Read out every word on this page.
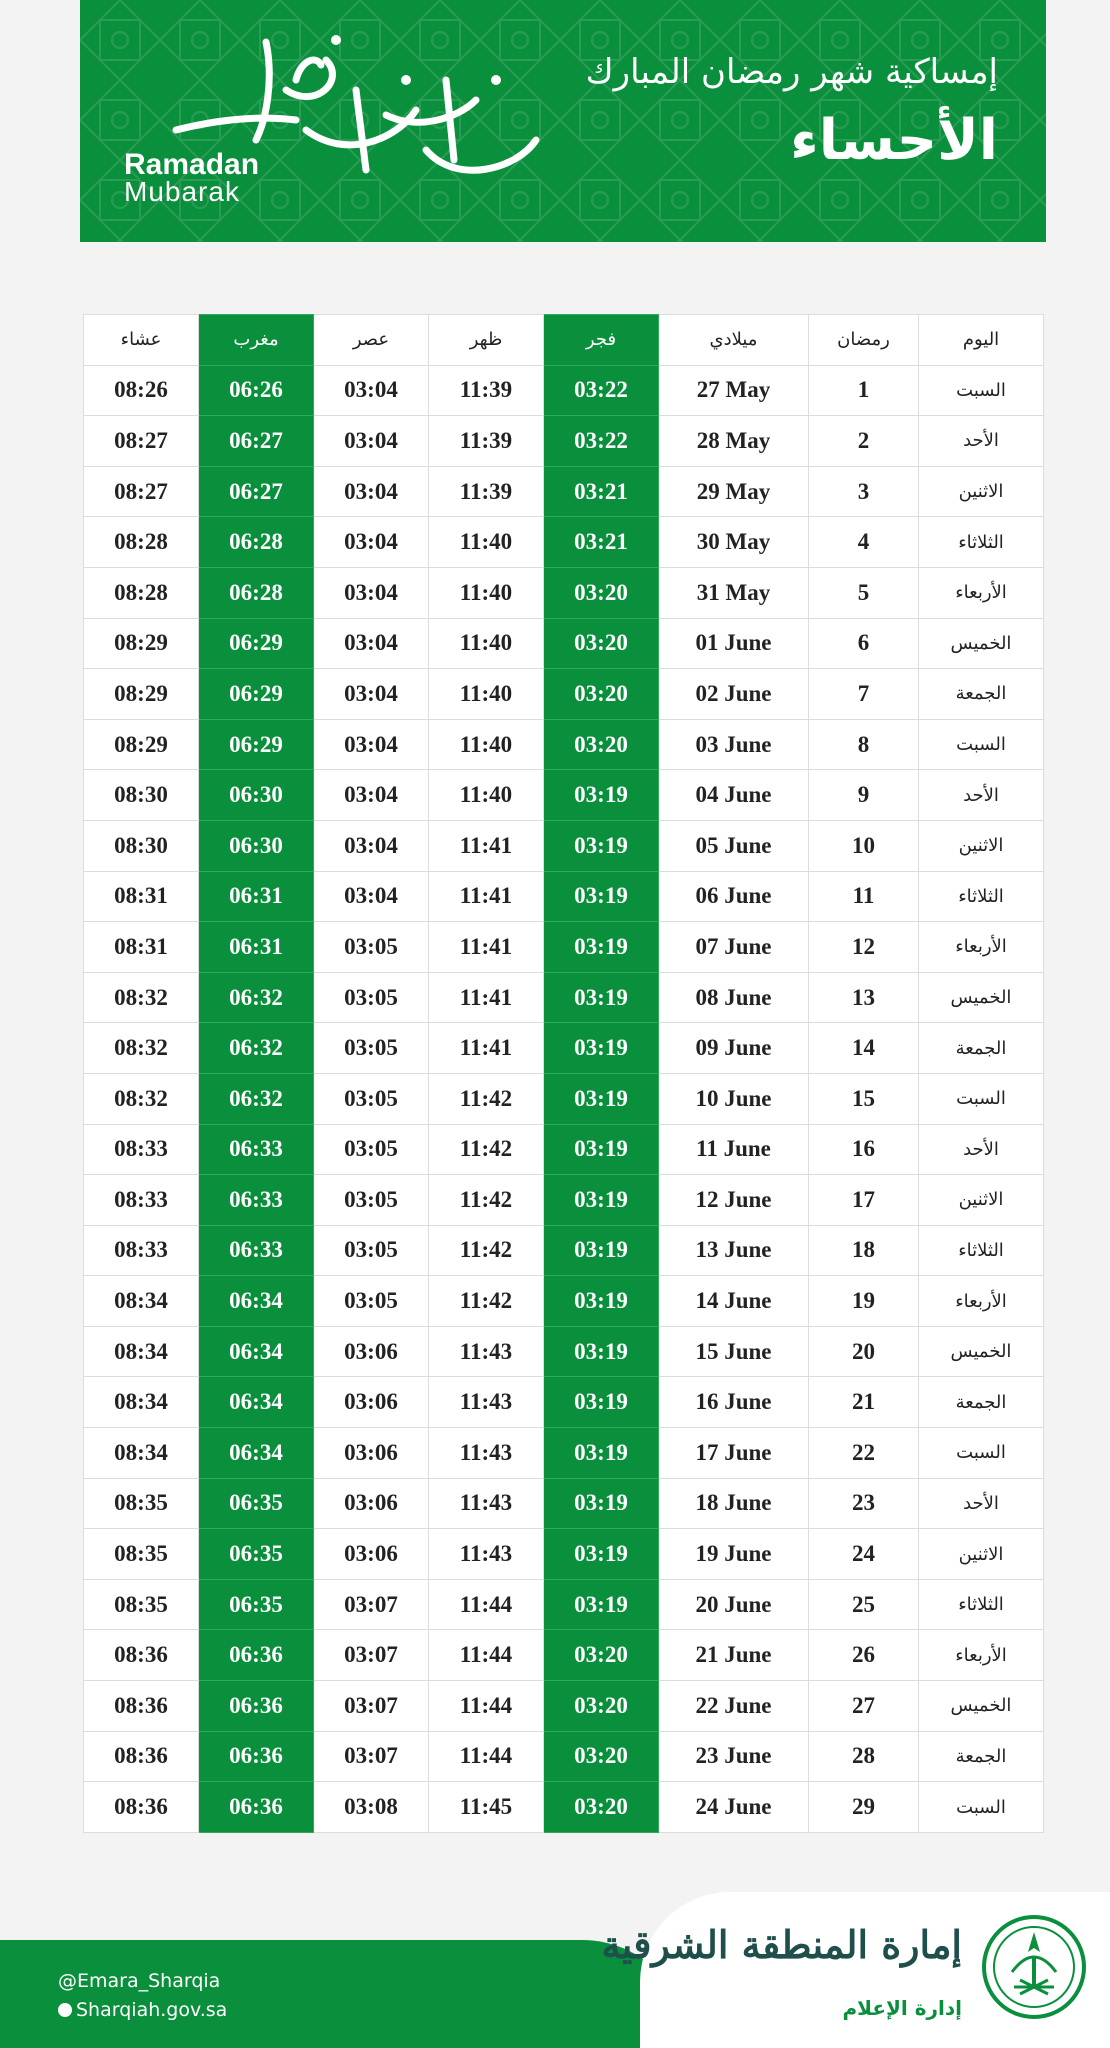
Ramadan
Mubarak
إمساكية شهر رمضان المبارك
الأحساء
عشاء	مغرب	عصر	ظهر	فجر	ميلادي	رمضان	اليوم
08:26	06:26	03:04	11:39	03:22	27 May	1	السبت
08:27	06:27	03:04	11:39	03:22	28 May	2	الأحد
08:27	06:27	03:04	11:39	03:21	29 May	3	الاثنين
08:28	06:28	03:04	11:40	03:21	30 May	4	الثلاثاء
08:28	06:28	03:04	11:40	03:20	31 May	5	الأربعاء
08:29	06:29	03:04	11:40	03:20	01 June	6	الخميس
08:29	06:29	03:04	11:40	03:20	02 June	7	الجمعة
08:29	06:29	03:04	11:40	03:20	03 June	8	السبت
08:30	06:30	03:04	11:40	03:19	04 June	9	الأحد
08:30	06:30	03:04	11:41	03:19	05 June	10	الاثنين
08:31	06:31	03:04	11:41	03:19	06 June	11	الثلاثاء
08:31	06:31	03:05	11:41	03:19	07 June	12	الأربعاء
08:32	06:32	03:05	11:41	03:19	08 June	13	الخميس
08:32	06:32	03:05	11:41	03:19	09 June	14	الجمعة
08:32	06:32	03:05	11:42	03:19	10 June	15	السبت
08:33	06:33	03:05	11:42	03:19	11 June	16	الأحد
08:33	06:33	03:05	11:42	03:19	12 June	17	الاثنين
08:33	06:33	03:05	11:42	03:19	13 June	18	الثلاثاء
08:34	06:34	03:05	11:42	03:19	14 June	19	الأربعاء
08:34	06:34	03:06	11:43	03:19	15 June	20	الخميس
08:34	06:34	03:06	11:43	03:19	16 June	21	الجمعة
08:34	06:34	03:06	11:43	03:19	17 June	22	السبت
08:35	06:35	03:06	11:43	03:19	18 June	23	الأحد
08:35	06:35	03:06	11:43	03:19	19 June	24	الاثنين
08:35	06:35	03:07	11:44	03:19	20 June	25	الثلاثاء
08:36	06:36	03:07	11:44	03:20	21 June	26	الأربعاء
08:36	06:36	03:07	11:44	03:20	22 June	27	الخميس
08:36	06:36	03:07	11:44	03:20	23 June	28	الجمعة
08:36	06:36	03:08	11:45	03:20	24 June	29	السبت
@Emara_Sharqia
Sharqiah.gov.sa
إمارة المنطقة الشرقية
إدارة الإعلام
